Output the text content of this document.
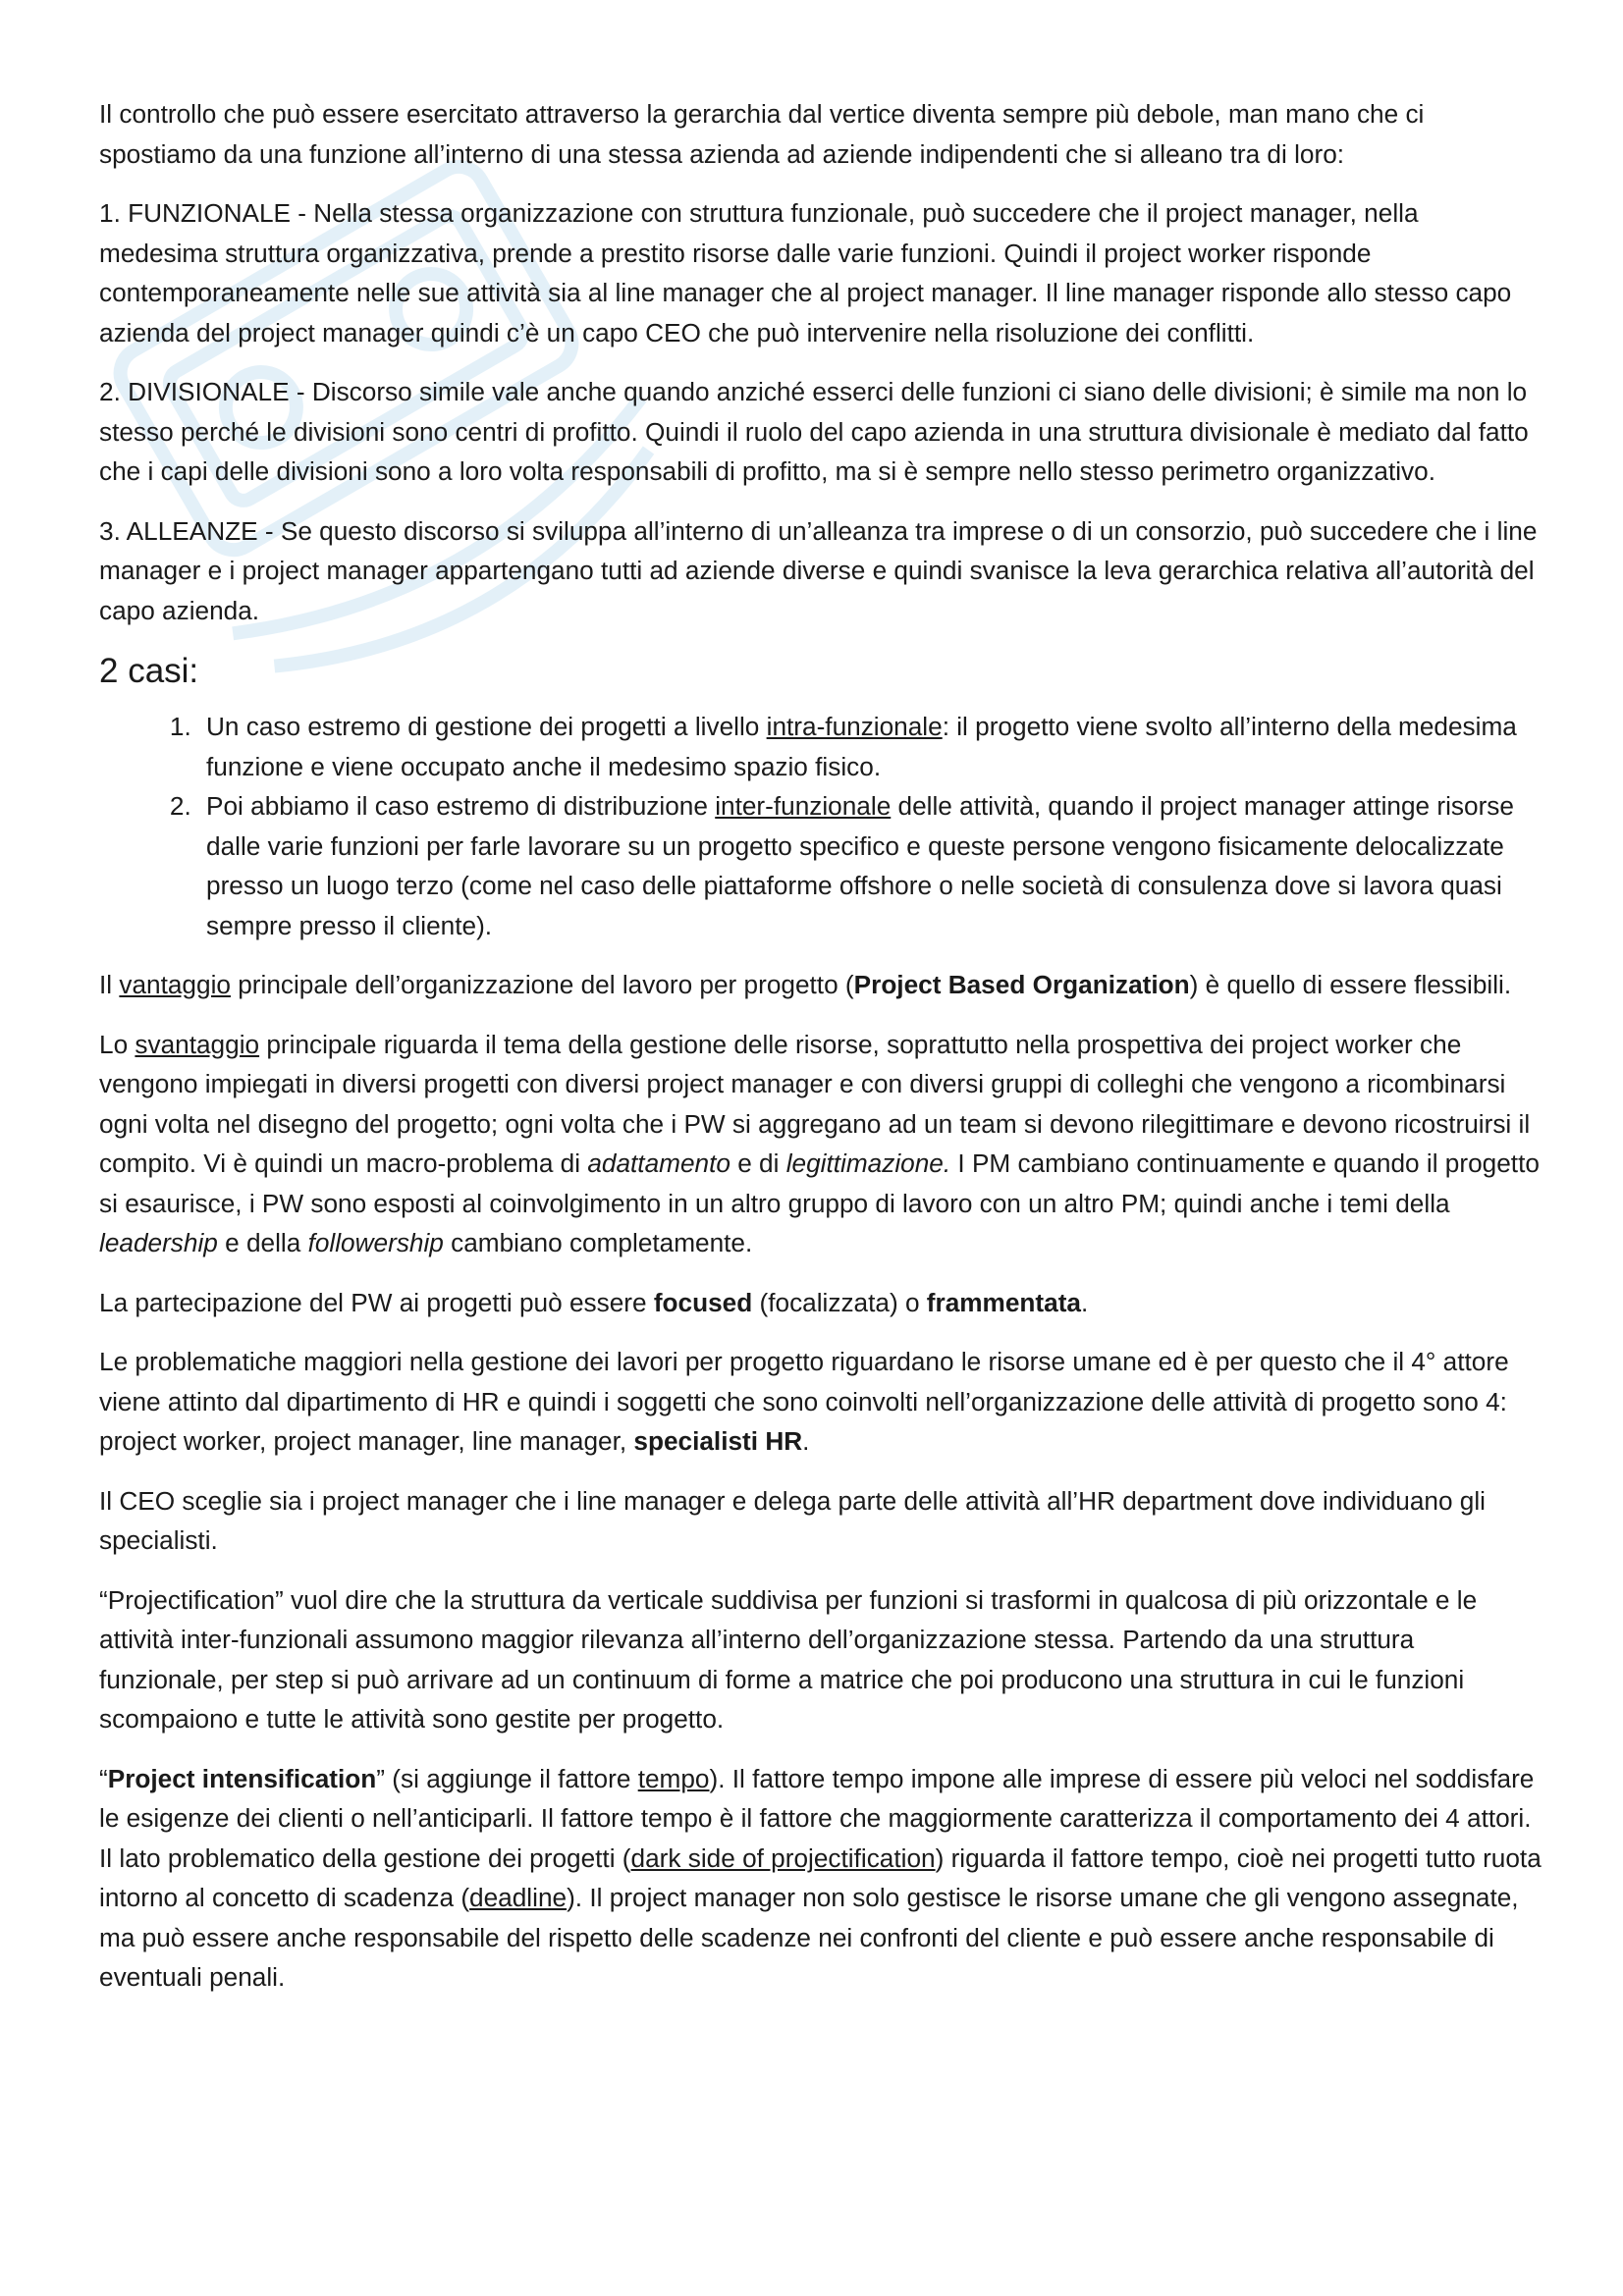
Il controllo che può essere esercitato attraverso la gerarchia dal vertice diventa sempre più debole, man mano che ci spostiamo da una funzione all’interno di una stessa azienda ad aziende indipendenti che si alleano tra di loro:

1. FUNZIONALE - Nella stessa organizzazione con struttura funzionale, può succedere che il project manager, nella medesima struttura organizzativa, prende a prestito risorse dalle varie funzioni. Quindi il project worker risponde contemporaneamente nelle sue attività sia al line manager che al project manager. Il line manager risponde allo stesso capo azienda del project manager quindi c’è un capo CEO che può intervenire nella risoluzione dei conflitti.

2. DIVISIONALE - Discorso simile vale anche quando anziché esserci delle funzioni ci siano delle divisioni; è simile ma non lo stesso perché le divisioni sono centri di profitto. Quindi il ruolo del capo azienda in una struttura divisionale è mediato dal fatto che i capi delle divisioni sono a loro volta responsabili di profitto, ma si è sempre nello stesso perimetro organizzativo.

3. ALLEANZE - Se questo discorso si sviluppa all’interno di un’alleanza tra imprese o di un consorzio, può succedere che i line manager e i project manager appartengano tutti ad aziende diverse e quindi svanisce la leva gerarchica relativa all’autorità del capo azienda.

2 casi:
1. Un caso estremo di gestione dei progetti a livello intra-funzionale: il progetto viene svolto all’interno della medesima funzione e viene occupato anche il medesimo spazio fisico.
2. Poi abbiamo il caso estremo di distribuzione inter-funzionale delle attività, quando il project manager attinge risorse dalle varie funzioni per farle lavorare su un progetto specifico e queste persone vengono fisicamente delocalizzate presso un luogo terzo (come nel caso delle piattaforme offshore o nelle società di consulenza dove si lavora quasi sempre presso il cliente).

Il vantaggio principale dell’organizzazione del lavoro per progetto (Project Based Organization) è quello di essere flessibili.

Lo svantaggio principale riguarda il tema della gestione delle risorse, soprattutto nella prospettiva dei project worker che vengono impiegati in diversi progetti con diversi project manager e con diversi gruppi di colleghi che vengono a ricombinarsi ogni volta nel disegno del progetto; ogni volta che i PW si aggregano ad un team si devono rilegittimare e devono ricostruirsi il compito. Vi è quindi un macro-problema di adattamento e di legittimazione. I PM cambiano continuamente e quando il progetto si esaurisce, i PW sono esposti al coinvolgimento in un altro gruppo di lavoro con un altro PM; quindi anche i temi della leadership e della followership cambiano completamente.

La partecipazione del PW ai progetti può essere focused (focalizzata) o frammentata.

Le problematiche maggiori nella gestione dei lavori per progetto riguardano le risorse umane ed è per questo che il 4° attore viene attinto dal dipartimento di HR e quindi i soggetti che sono coinvolti nell’organizzazione delle attività di progetto sono 4: project worker, project manager, line manager, specialisti HR.

Il CEO sceglie sia i project manager che i line manager e delega parte delle attività all’HR department dove individuano gli specialisti.

“Projectification” vuol dire che la struttura da verticale suddivisa per funzioni si trasformi in qualcosa di più orizzontale e le attività inter-funzionali assumono maggior rilevanza all’interno dell’organizzazione stessa. Partendo da una struttura funzionale, per step si può arrivare ad un continuum di forme a matrice che poi producono una struttura in cui le funzioni scompaiono e tutte le attività sono gestite per progetto.

“Project intensification” (si aggiunge il fattore tempo). Il fattore tempo impone alle imprese di essere più veloci nel soddisfare le esigenze dei clienti o nell’anticiparli. Il fattore tempo è il fattore che maggiormente caratterizza il comportamento dei 4 attori. Il lato problematico della gestione dei progetti (dark side of projectification) riguarda il fattore tempo, cioè nei progetti tutto ruota intorno al concetto di scadenza (deadline). Il project manager non solo gestisce le risorse umane che gli vengono assegnate, ma può essere anche responsabile del rispetto delle scadenze nei confronti del cliente e può essere anche responsabile di eventuali penali.
